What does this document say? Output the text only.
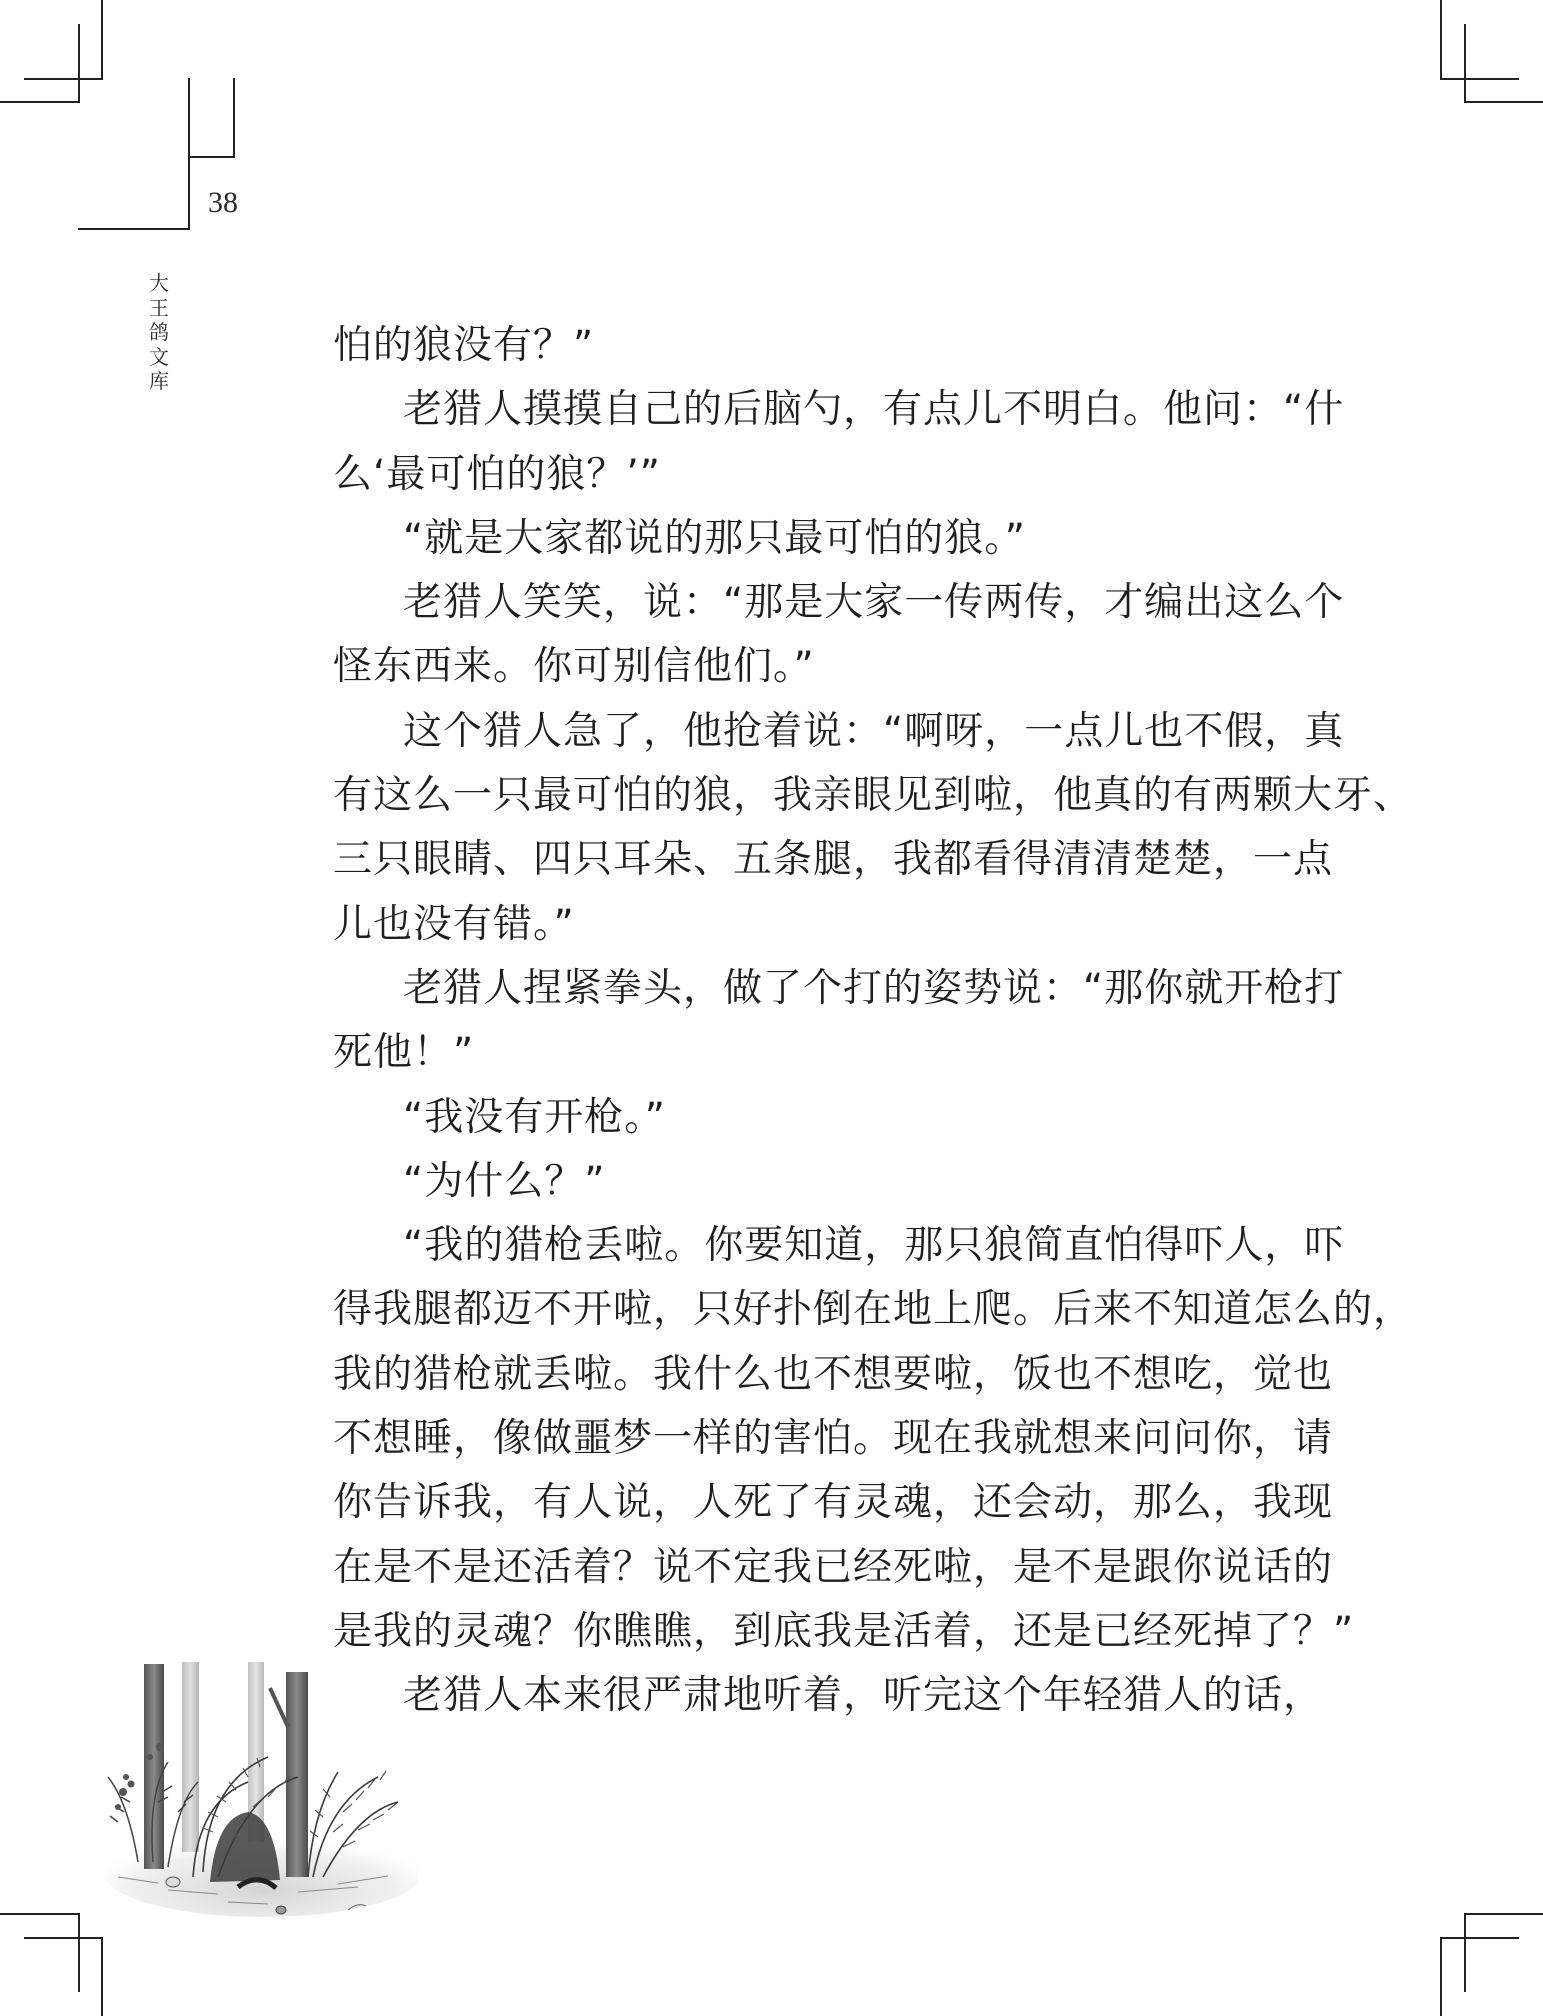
38
大
王
鸽
文
库
怕的狼没有？”
老猎人摸摸自己的后脑勺，有点儿不明白。他问：“什
么‘最可怕的狼？’”
“就是大家都说的那只最可怕的狼。”
老猎人笑笑，说：“那是大家一传两传，才编出这么个
怪东西来。你可别信他们。”
这个猎人急了，他抢着说：“啊呀，一点儿也不假，真
有这么一只最可怕的狼，我亲眼见到啦，他真的有两颗大牙、
三只眼睛、四只耳朵、五条腿，我都看得清清楚楚，一点
儿也没有错。”
老猎人捏紧拳头，做了个打的姿势说：“那你就开枪打
死他！”
“我没有开枪。”
“为什么？”
“我的猎枪丢啦。你要知道，那只狼简直怕得吓人，吓
得我腿都迈不开啦，只好扑倒在地上爬。后来不知道怎么的，
我的猎枪就丢啦。我什么也不想要啦，饭也不想吃，觉也
不想睡，像做噩梦一样的害怕。现在我就想来问问你，请
你告诉我，有人说，人死了有灵魂，还会动，那么，我现
在是不是还活着？说不定我已经死啦，是不是跟你说话的
是我的灵魂？你瞧瞧，到底我是活着，还是已经死掉了？”
老猎人本来很严肃地听着，听完这个年轻猎人的话，
